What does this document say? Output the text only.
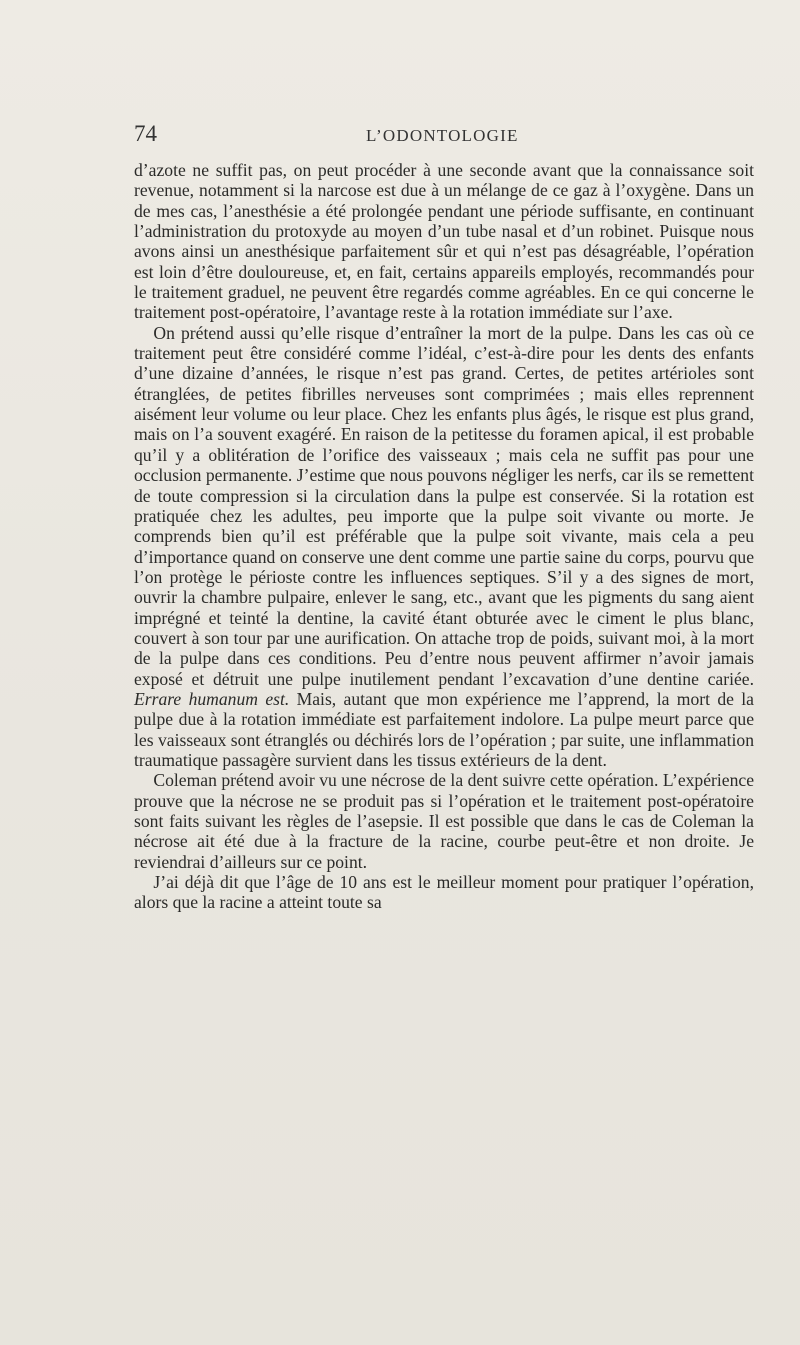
74	L’ODONTOLOGIE

d’azote ne suffit pas, on peut procéder à une seconde avant que la connaissance soit revenue, notamment si la narcose est due à un mélange de ce gaz à l’oxygène. Dans un de mes cas, l’anesthésie a été prolongée pendant une période suffisante, en continuant l’administration du protoxyde au moyen d’un tube nasal et d’un robinet. Puisque nous avons ainsi un anesthésique parfaitement sûr et qui n’est pas désagréable, l’opération est loin d’être douloureuse, et, en fait, certains appareils employés, recommandés pour le traitement graduel, ne peuvent être regardés comme agréables. En ce qui concerne le traitement post-opératoire, l’avantage reste à la rotation immédiate sur l’axe.

On prétend aussi qu’elle risque d’entraîner la mort de la pulpe. Dans les cas où ce traitement peut être considéré comme l’idéal, c’est-à-dire pour les dents des enfants d’une dizaine d’années, le risque n’est pas grand. Certes, de petites artérioles sont étranglées, de petites fibrilles nerveuses sont comprimées ; mais elles reprennent aisément leur volume ou leur place. Chez les enfants plus âgés, le risque est plus grand, mais on l’a souvent exagéré. En raison de la petitesse du foramen apical, il est probable qu’il y a oblitération de l’orifice des vaisseaux ; mais cela ne suffit pas pour une occlusion permanente. J’estime que nous pouvons négliger les nerfs, car ils se remettent de toute compression si la circulation dans la pulpe est conservée. Si la rotation est pratiquée chez les adultes, peu importe que la pulpe soit vivante ou morte. Je comprends bien qu’il est préférable que la pulpe soit vivante, mais cela a peu d’importance quand on conserve une dent comme une partie saine du corps, pourvu que l’on protège le périoste contre les influences septiques. S’il y a des signes de mort, ouvrir la chambre pulpaire, enlever le sang, etc., avant que les pigments du sang aient imprégné et teinté la dentine, la cavité étant obturée avec le ciment le plus blanc, couvert à son tour par une aurification. On attache trop de poids, suivant moi, à la mort de la pulpe dans ces conditions. Peu d’entre nous peuvent affirmer n’avoir jamais exposé et détruit une pulpe inutilement pendant l’excavation d’une dentine cariée. Errare humanum est. Mais, autant que mon expérience me l’apprend, la mort de la pulpe due à la rotation immédiate est parfaitement indolore. La pulpe meurt parce que les vaisseaux sont étranglés ou déchirés lors de l’opération ; par suite, une inflammation traumatique passagère survient dans les tissus extérieurs de la dent.

Coleman prétend avoir vu une nécrose de la dent suivre cette opération. L’expérience prouve que la nécrose ne se produit pas si l’opération et le traitement post-opératoire sont faits suivant les règles de l’asepsie. Il est possible que dans le cas de Coleman la nécrose ait été due à la fracture de la racine, courbe peut-être et non droite. Je reviendrai d’ailleurs sur ce point.

J’ai déjà dit que l’âge de 10 ans est le meilleur moment pour pratiquer l’opération, alors que la racine a atteint toute sa
